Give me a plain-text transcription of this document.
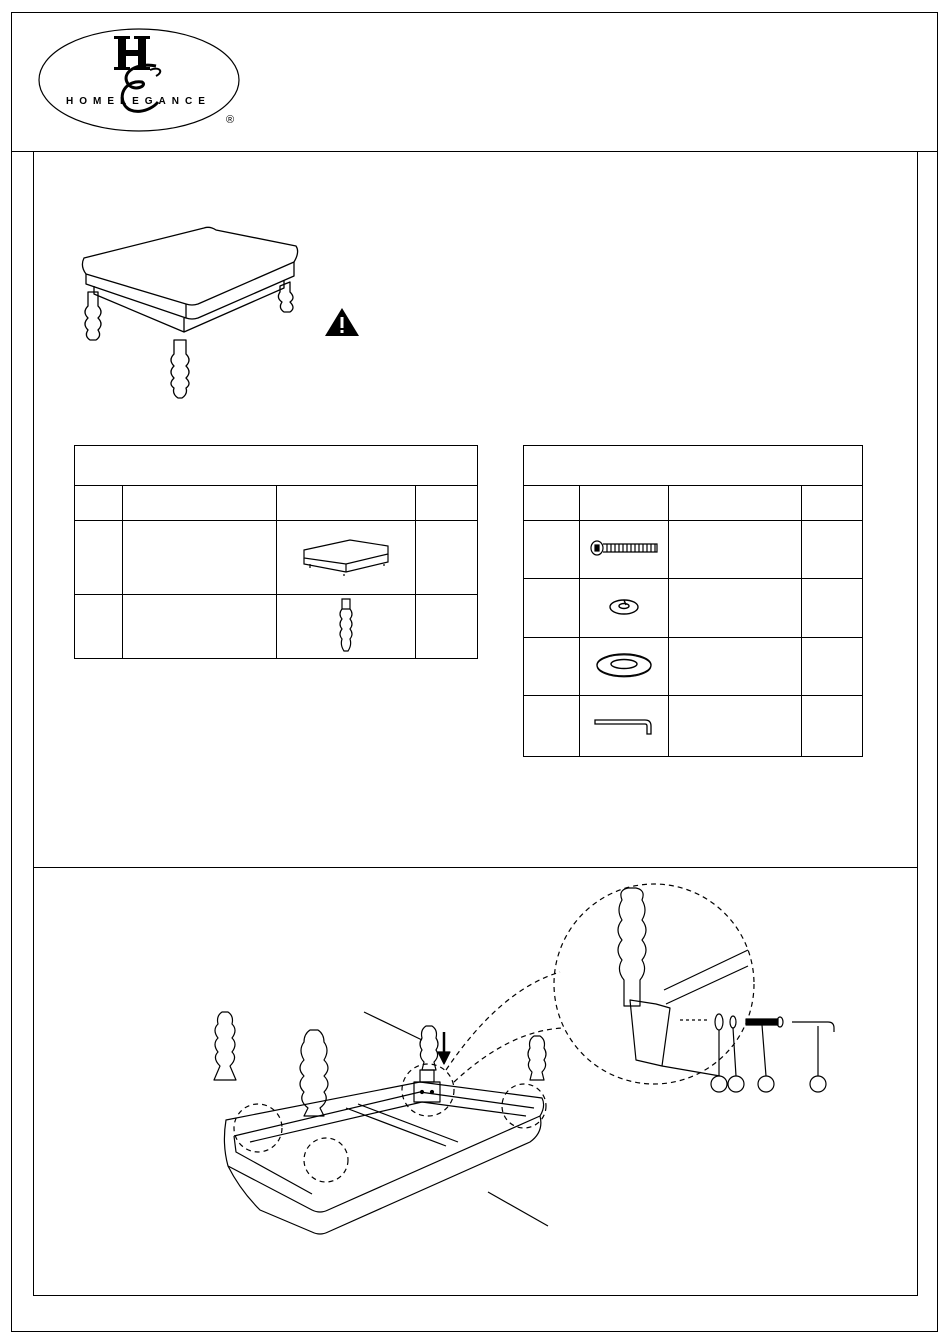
®
HOMELEGANCE
